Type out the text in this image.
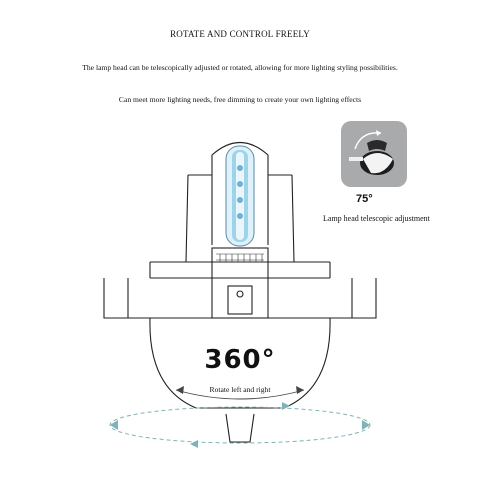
ROTATE AND CONTROL FREELY
The lamp head can be telescopically adjusted or rotated, allowing for more lighting styling possibilities.
Can meet more lighting needs, free dimming to create your own lighting effects
75°
Lamp head telescopic adjustment
360°
Rotate left and right
